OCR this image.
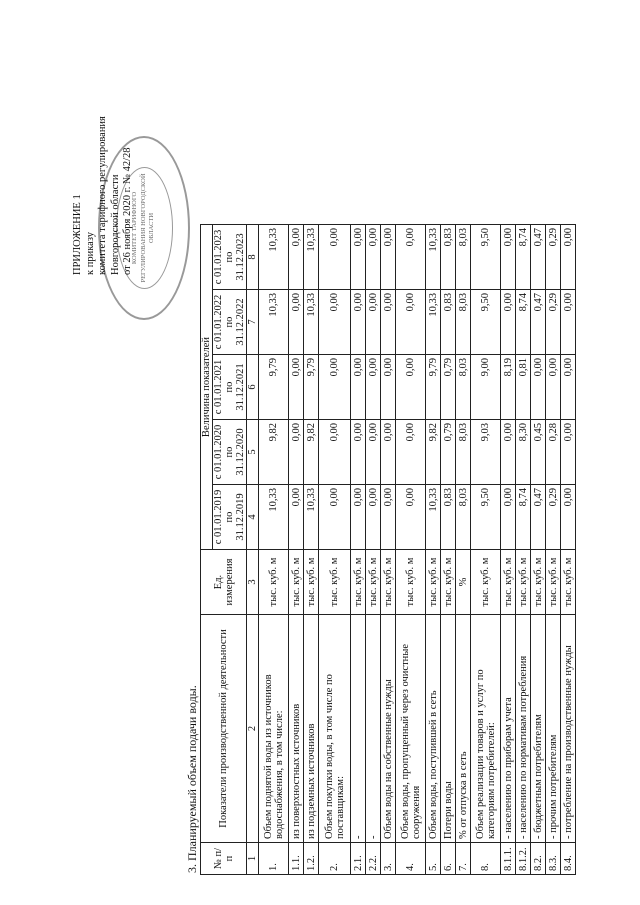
КОМИТЕТ ТАРИФНОГО РЕГУЛИРОВАНИЯ НОВГОРОДСКОЙ ОБЛАСТИ
ПРИЛОЖЕНИЕ 1 к приказу комитета тарифного регулирования Новгородской области от 26 ноября 2020 г. № 42/28
3. Планируемый объем подачи воды. № п/п	Показатели производственной деятельности	Ед. измерения	Величина показателей				
			с 01.01.2019 по 31.12.2019	с 01.01.2020 по 31.12.2020	с 01.01.2021 по 31.12.2021	с 01.01.2022 по 31.12.2022	с 01.01.2023 по 31.12.2023
1	2	3	4	5	6	7	8
1.	Объем поднятой воды из источников водоснабжения, в том числе:	тыс. куб. м	10,33	9,82	9,79	10,33	10,33
1.1.	из поверхностных источников	тыс. куб. м	0,00	0,00	0,00	0,00	0,00
1.2.	из подземных источников	тыс. куб. м	10,33	9,82	9,79	10,33	10,33
2.	Объем покупки воды, в том числе по поставщикам:	тыс. куб. м	0,00	0,00	0,00	0,00	0,00
2.1.	-	тыс. куб. м	0,00	0,00	0,00	0,00	0,00
2.2.	-	тыс. куб. м	0,00	0,00	0,00	0,00	0,00
3.	Объем воды на собственные нужды	тыс. куб. м	0,00	0,00	0,00	0,00	0,00
4.	Объем воды, пропущенный через очистные сооружения	тыс. куб. м	0,00	0,00	0,00	0,00	0,00
5.	Объем воды, поступившей в сеть	тыс. куб. м	10,33	9,82	9,79	10,33	10,33
6.	Потери воды	тыс. куб. м	0,83	0,79	0,79	0,83	0,83
7.	% от отпуска в сеть	%	8,03	8,03	8,03	8,03	8,03
8.	Объем реализации товаров и услуг по категориям потребителей:	тыс. куб. м	9,50	9,03	9,00	9,50	9,50
8.1.1.	- населению по приборам учета	тыс. куб. м	0,00	0,00	8,19	0,00	0,00
8.1.2.	- населению по нормативам потребления	тыс. куб. м	8,74	8,30	0,81	8,74	8,74
8.2.	- бюджетным потребителям	тыс. куб. м	0,47	0,45	0,00	0,47	0,47
8.3.	- прочим потребителям	тыс. куб. м	0,29	0,28	0,00	0,29	0,29
8.4.	- потребление на производственные нужды	тыс. куб. м	0,00	0,00	0,00	0,00	0,00
